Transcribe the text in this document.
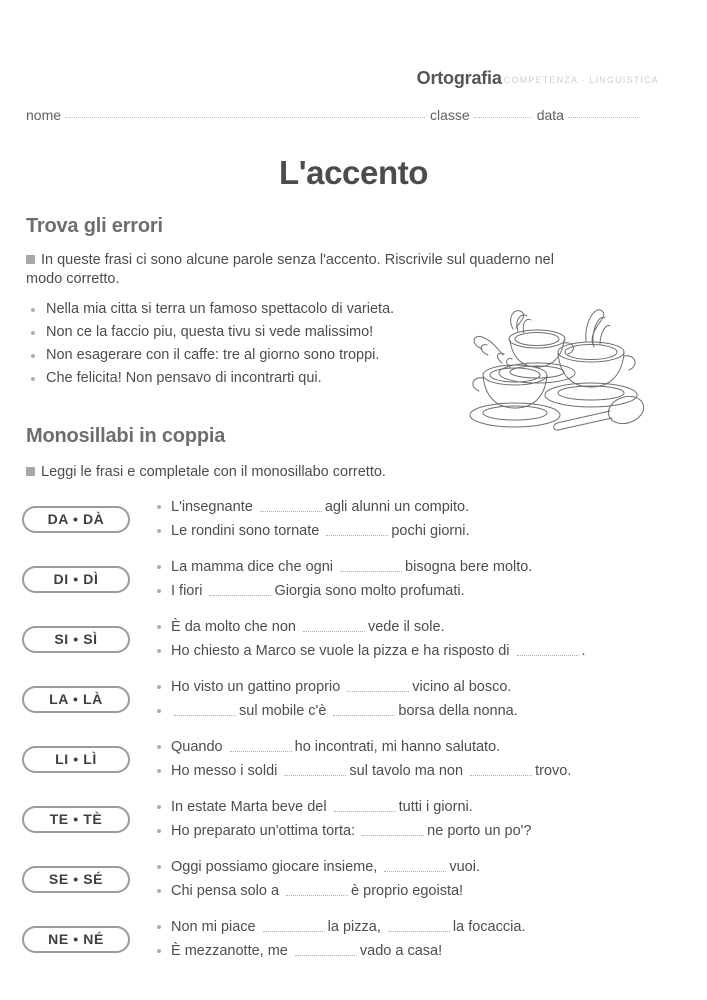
Ortografia COMPETENZA · LINGUISTICA
nome	classe	data
L'accento
Trova gli errori
In queste frasi ci sono alcune parole senza l'accento. Riscrivile sul quaderno nel modo corretto.
Nella mia citta si terra un famoso spettacolo di varieta.
Non ce la faccio piu, questa tivu si vede malissimo!
Non esagerare con il caffe: tre al giorno sono troppi.
Che felicita! Non pensavo di incontrarti qui.
Monosillabi in coppia
Leggi le frasi e completale con il monosillabo corretto.
DA • DÀ
L'insegnante	agli alunni un compito.
Le rondini sono tornate	pochi giorni.
DI • DÌ
La mamma dice che ogni	bisogna bere molto.
I fiori	Giorgia sono molto profumati.
SI • SÌ
È da molto che non	vede il sole.
Ho chiesto a Marco se vuole la pizza e ha risposto di	.
LA • LÀ
Ho visto un gattino proprio	vicino al bosco.
sul mobile c'è	borsa della nonna.
LI • LÌ
Quando	ho incontrati, mi hanno salutato.
Ho messo i soldi	sul tavolo ma non	trovo.
TE • TÈ
In estate Marta beve del	tutti i giorni.
Ho preparato un'ottima torta:	ne porto un po'?
SE • SÉ
Oggi possiamo giocare insieme,	vuoi.
Chi pensa solo a	è proprio egoista!
NE • NÉ
Non mi piace	la pizza,	la focaccia.
È mezzanotte, me	vado a casa!
